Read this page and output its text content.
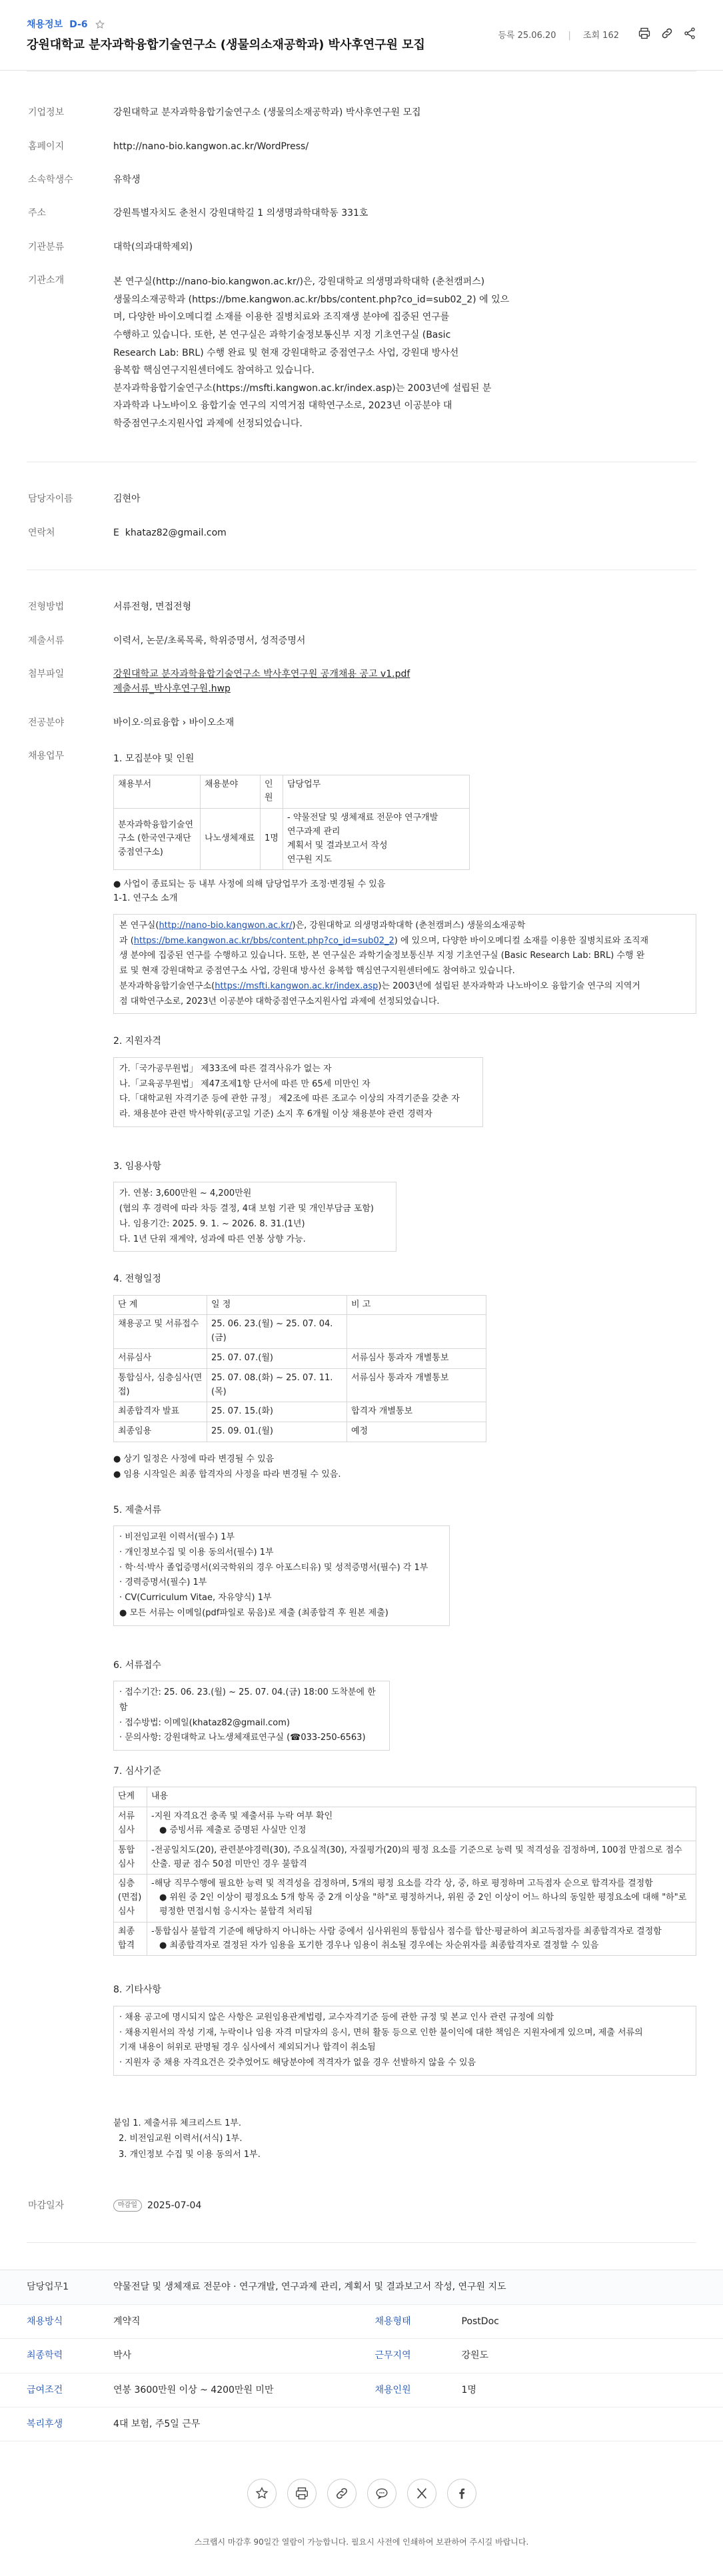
채용정보 D-6
강원대학교 분자과학융합기술연구소 (생물의소재공학과) 박사후연구원 모집
등록 25.06.20 | 조회 162
기업정보	강원대학교 분자과학융합기술연구소 (생물의소재공학과) 박사후연구원 모집
홈페이지	http://nano-bio.kangwon.ac.kr/WordPress/
소속학생수	유학생
주소	강원특별자치도 춘천시 강원대학길 1 의생명과학대학동 331호
기관분류	대학(의과대학제외)
기관소개	본 연구실(http://nano-bio.kangwon.ac.kr/)은, 강원대학교 의생명과학대학 (춘천캠퍼스)
생물의소재공학과 (https://bme.kangwon.ac.kr/bbs/content.php?co_id=sub02_2) 에 있으
며, 다양한 바이오메디컬 소재를 이용한 질병치료와 조직재생 분야에 집중된 연구를
수행하고 있습니다. 또한, 본 연구실은 과학기술정보통신부 지정 기초연구실 (Basic
Research Lab: BRL) 수행 완료 및 현재 강원대학교 중점연구소 사업, 강원대 방사선
융복합 핵심연구지원센터에도 참여하고 있습니다.
분자과학융합기술연구소(https://msfti.kangwon.ac.kr/index.asp)는 2003년에 설립된 분
자과학과 나노바이오 융합기술 연구의 지역거점 대학연구소로, 2023년 이공분야 대
학중점연구소지원사업 과제에 선정되었습니다.
담당자이름	김현아
연락처	E khataz82@gmail.com
전형방법	서류전형, 면접전형
제출서류	이력서, 논문/초록목록, 학위증명서, 성적증명서
첨부파일	강원대학교 분자과학융합기술연구소 박사후연구원 공개채용 공고 v1.pdf
제출서류_박사후연구원.hwp
전공분야	바이오·의료융합 › 바이오소재
채용업무	1. 모집분야 및 인원
채용부서	채용분야	인원	담당업무
분자과학융합기술연구소 (한국연구재단 중점연구소)	나노생체재료	1명	- 약물전달 및 생체재료 전문야 연구개발
연구과제 관리
계획서 및 결과보고서 작성
연구원 지도
● 사업이 종료되는 등 내부 사정에 의해 담당업무가 조정·변경될 수 있음
1-1. 연구소 소개
본 연구실(http://nano-bio.kangwon.ac.kr/)은, 강원대학교 의생명과학대학 (춘천캠퍼스) 생물의소재공학
과 (https://bme.kangwon.ac.kr/bbs/content.php?co_id=sub02_2) 에 있으며, 다양한 바이오메디컬 소재를 이용한 질병치료와 조직재
생 분야에 집중된 연구를 수행하고 있습니다. 또한, 본 연구실은 과학기술정보통신부 지정 기초연구실 (Basic Research Lab: BRL) 수행 완
료 및 현재 강원대학교 중점연구소 사업, 강원대 방사선 융복합 핵심연구지원센터에도 참여하고 있습니다.
분자과학융합기술연구소(https://msfti.kangwon.ac.kr/index.asp)는 2003년에 설립된 분자과학과 나노바이오 융합기술 연구의 지역거
점 대학연구소로, 2023년 이공분야 대학중점연구소지원사업 과제에 선정되었습니다.
2. 지원자격
가.「국가공무원법」 제33조에 따른 결격사유가 없는 자
나.「교육공무원법」 제47조제1항 단서에 따른 만 65세 미만인 자
다.「대학교원 자격기준 등에 관한 규정」 제2조에 따른 조교수 이상의 자격기준을 갖춘 자
라. 채용분야 관련 박사학위(공고일 기준) 소지 후 6개월 이상 채용분야 관련 경력자
3. 임용사항
가. 연봉: 3,600만원 ~ 4,200만원
(협의 후 경력에 따라 차등 결정, 4대 보험 기관 및 개인부담금 포함)
나. 임용기간: 2025. 9. 1. ~ 2026. 8. 31.(1년)
다. 1년 단위 재계약, 성과에 따른 연봉 상향 가능.
4. 전형일정
단 계	일 정	비 고
채용공고 및 서류접수	25. 06. 23.(월) ~ 25. 07. 04.(금)	
서류심사	25. 07. 07.(월)	서류심사 통과자 개별통보
통합심사, 심층심사(면접)	25. 07. 08.(화) ~ 25. 07. 11. (목)	서류심사 통과자 개별통보
최종합격자 발표	25. 07. 15.(화)	합격자 개별통보
최종임용	25. 09. 01.(월)	예정

● 상기 일정은 사정에 따라 변경될 수 있음

● 임용 시작일은 최종 합격자의 사정을 따라 변경될 수 있음.

5. 제출서류
· 비전임교원 이력서(필수) 1부
· 개인정보수집 및 이용 동의서(필수) 1부
· 학·석·박사 졸업증명서(외국학위의 경우 아포스티유) 및 성적증명서(필수) 각 1부
· 경력증명서(필수) 1부
· CV(Curriculum Vitae, 자유양식) 1부
● 모든 서류는 이메일(pdf파일로 묶음)로 제출 (최종합격 후 원본 제출)
6. 서류접수
· 접수기간: 25. 06. 23.(월) ~ 25. 07. 04.(금) 18:00 도착분에 한함
· 접수방법: 이메일(khataz82@gmail.com)
· 문의사항: 강원대학교 나노생체재료연구실 (☎033-250-6563)
7. 심사기준
단계	내용
서류심사	-지원 자격요건 충족 및 제출서류 누락 여부 확인
● 증빙서류 제출로 증명된 사실만 인정

통합심사	-전공일치도(20), 관련분야경력(30), 주요실적(30), 자질평가(20)의 평정 요소를 기준으로 능력 및 적격성을 검정하며, 100점 만점으로 점수 산출. 평균 점수 50점 미만인 경우 불합격

심층(면접)심사	-해당 직무수행에 필요한 능력 및 적격성을 검정하며, 5개의 평정 요소를 각각 상, 중, 하로 평정하며 고득점자 순으로 합격자를 결정함
● 위원 중 2인 이상이 평정요소 5개 항목 중 2개 이상을 "하"로 평정하거나, 위원 중 2인 이상이 어느 하나의 동일한 평정요소에 대해 "하"로 평정한 면접시험 응시자는 불합격 처리됨

최종합격	-통합심사 불합격 기준에 해당하지 아니하는 사람 중에서 심사위원의 통합심사 점수를 합산·평균하여 최고득점자를 최종합격자로 결정함
● 최종합격자로 결정된 자가 임용을 포기한 경우나 임용이 취소될 경우에는 차순위자를 최종합격자로 결정할 수 있음
8. 기타사항
· 채용 공고에 명시되지 않은 사항은 교원임용관계법령, 교수자격기준 등에 관한 규정 및 본교 인사 관련 규정에 의함
· 채용지원서의 작성 기재, 누락이나 임용 자격 미달자의 응시, 면허 활동 등으로 인한 불이익에 대한 책임은 지원자에게 있으며, 제출 서류의
기재 내용이 허위로 판명될 경우 심사에서 제외되거나 합격이 취소됨
· 지원자 중 채용 자격요건은 갖추었어도 해당분야에 적격자가 없을 경우 선발하지 않을 수 있음
붙임 1. 제출서류 체크리스트 1부.
2. 비전임교원 이력서(서식) 1부.
3. 개인정보 수집 및 이용 동의서 1부.
마감일자	마감일 2025-07-04
담당업무1	약물전달 및 생체재료 전문야 · 연구개발, 연구과제 관리, 계획서 및 결과보고서 작성, 연구원 지도
채용방식	계약직	채용형태	PostDoc
최종학력	박사	근무지역	강원도
급여조건	연봉 3600만원 이상 ~ 4200만원 미만	채용인원	1명
복리후생	4대 보험, 주5일 근무
스크랩시 마감후 90일간 열람이 가능합니다. 필요시 사전에 인쇄하여 보관하여 주시길 바랍니다.
